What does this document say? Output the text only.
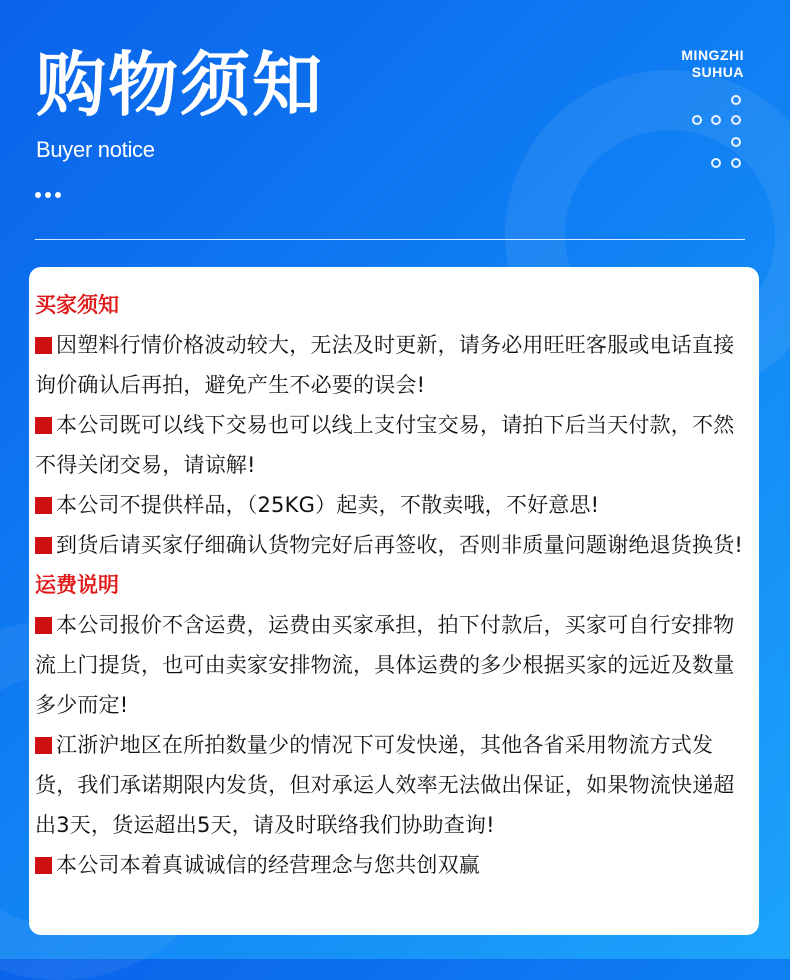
购物须知
Buyer notice
MINGZHI
SUHUA
买家须知

因塑料行情价格波动较大，无法及时更新，请务必用旺旺客服或电话直接询价确认后再拍，避免产生不必要的误会!

本公司既可以线下交易也可以线上支付宝交易，请拍下后当天付款，不然不得关闭交易，请谅解!

本公司不提供样品，（25KG）起卖，不散卖哦，不好意思!

到货后请买家仔细确认货物完好后再签收，否则非质量问题谢绝退货换货!

运费说明

本公司报价不含运费，运费由买家承担，拍下付款后，买家可自行安排物流上门提货，也可由卖家安排物流，具体运费的多少根据买家的远近及数量多少而定!

江浙沪地区在所拍数量少的情况下可发快递，其他各省采用物流方式发货，我们承诺期限内发货，但对承运人效率无法做出保证，如果物流快递超出3天，货运超出5天，请及时联络我们协助查询!

本公司本着真诚诚信的经营理念与您共创双赢
